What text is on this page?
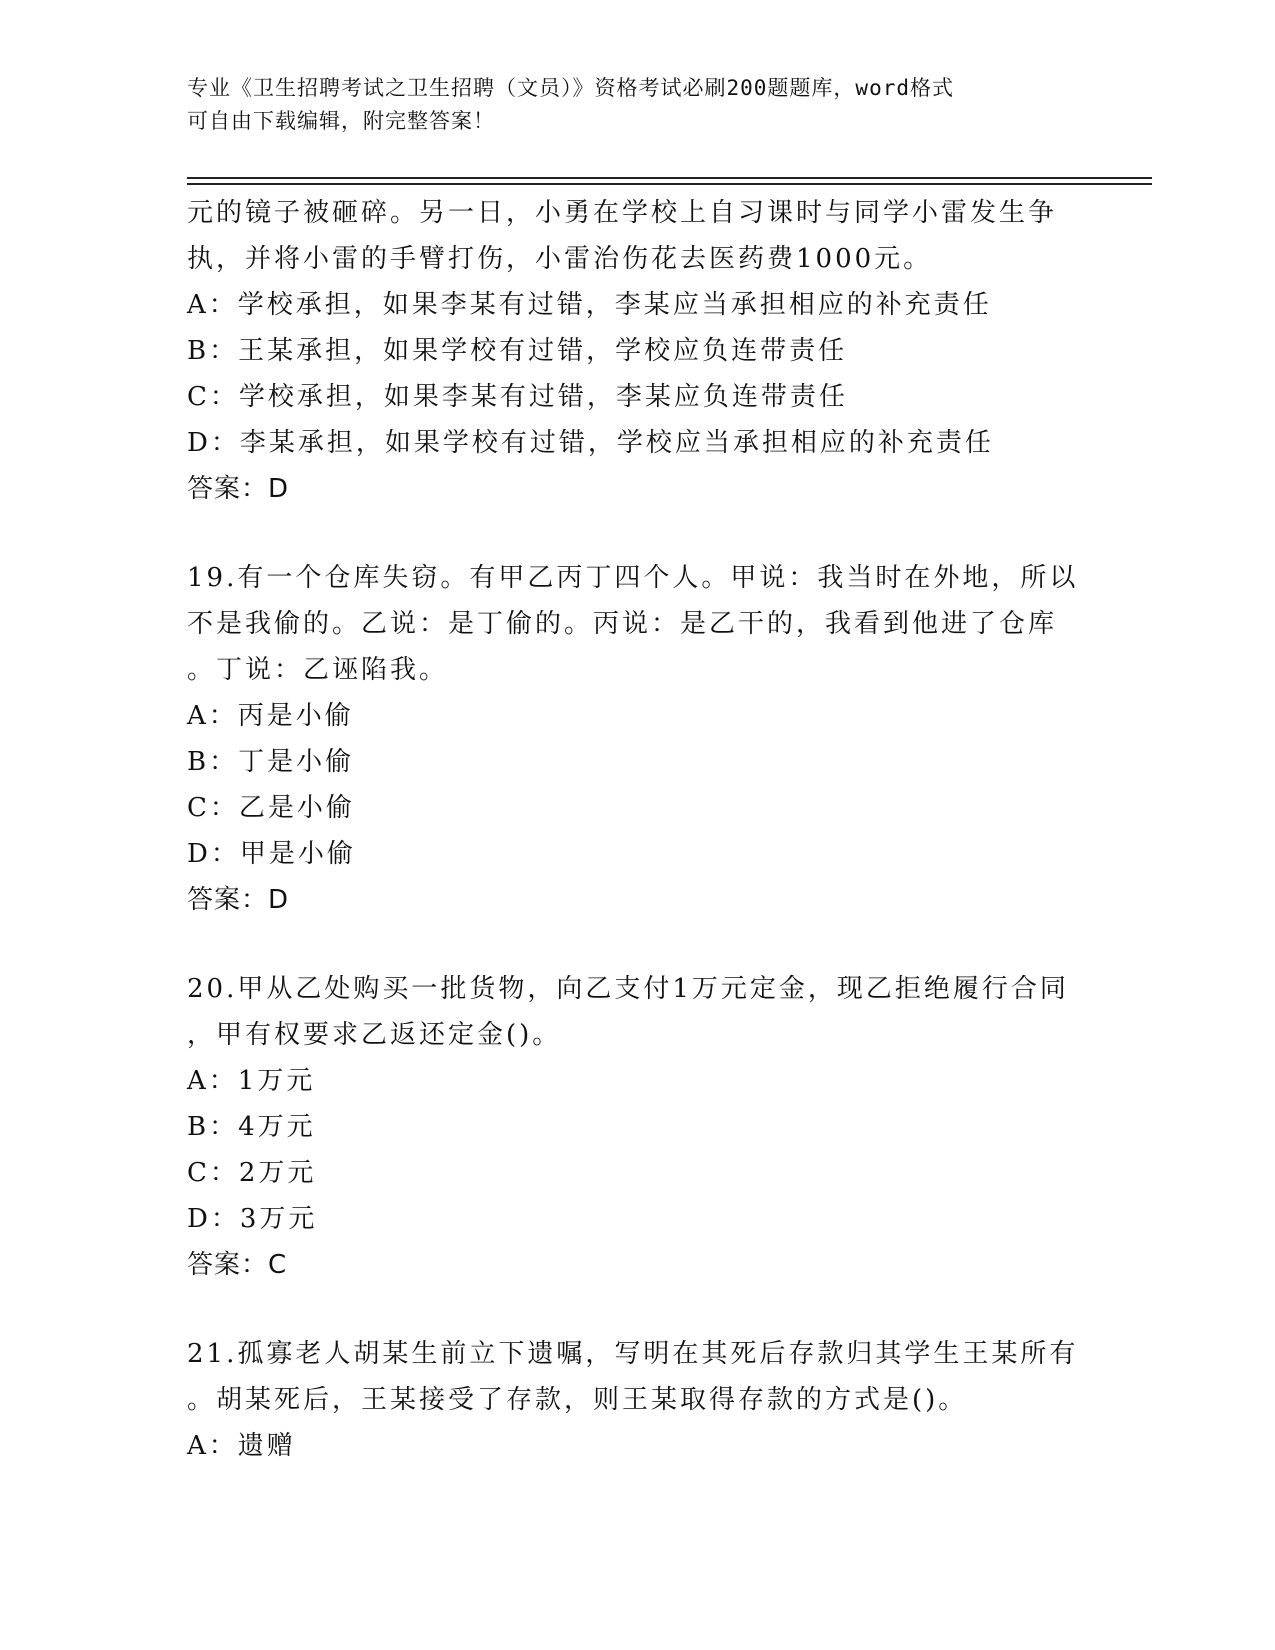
专业《卫生招聘考试之卫生招聘（文员）》资格考试必刷200题题库，word格式
可自由下载编辑，附完整答案！
元的镜子被砸碎。另一日，小勇在学校上自习课时与同学小雷发生争
执，并将小雷的手臂打伤，小雷治伤花去医药费1000元。
A：学校承担，如果李某有过错，李某应当承担相应的补充责任
B：王某承担，如果学校有过错，学校应负连带责任
C：学校承担，如果李某有过错，李某应负连带责任
D：李某承担，如果学校有过错，学校应当承担相应的补充责任
答案：D
19.有一个仓库失窃。有甲乙丙丁四个人。甲说：我当时在外地，所以
不是我偷的。乙说：是丁偷的。丙说：是乙干的，我看到他进了仓库
。丁说：乙诬陷我。
A：丙是小偷
B：丁是小偷
C：乙是小偷
D：甲是小偷
答案：D
20.甲从乙处购买一批货物，向乙支付1万元定金，现乙拒绝履行合同
，甲有权要求乙返还定金()。
A：1万元
B：4万元
C：2万元
D：3万元
答案：C
21.孤寡老人胡某生前立下遗嘱，写明在其死后存款归其学生王某所有
。胡某死后，王某接受了存款，则王某取得存款的方式是()。
A：遗赠
